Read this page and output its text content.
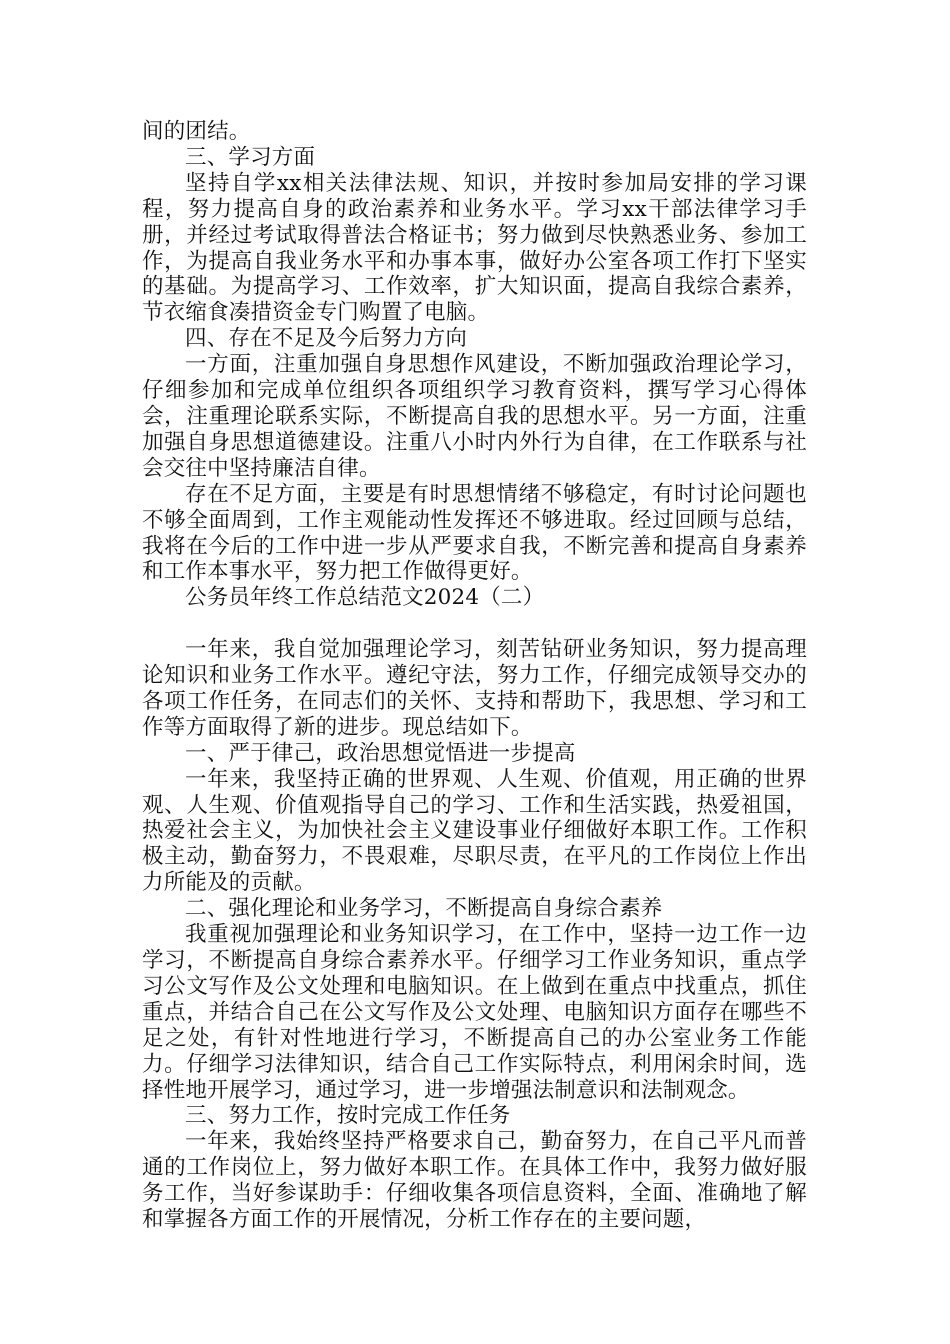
间的团结。

三、学习方面

坚持自学xx相关法律法规、知识，并按时参加局安排的学习课程，努力提高自身的政治素养和业务水平。学习xx干部法律学习手册，并经过考试取得普法合格证书；努力做到尽快熟悉业务、参加工作，为提高自我业务水平和办事本事，做好办公室各项工作打下坚实的基础。为提高学习、工作效率，扩大知识面，提高自我综合素养，节衣缩食凑措资金专门购置了电脑。

四、存在不足及今后努力方向

一方面，注重加强自身思想作风建设，不断加强政治理论学习，仔细参加和完成单位组织各项组织学习教育资料，撰写学习心得体会，注重理论联系实际，不断提高自我的思想水平。另一方面，注重加强自身思想道德建设。注重八小时内外行为自律，在工作联系与社会交往中坚持廉洁自律。

存在不足方面，主要是有时思想情绪不够稳定，有时讨论问题也不够全面周到，工作主观能动性发挥还不够进取。经过回顾与总结，我将在今后的工作中进一步从严要求自我，不断完善和提高自身素养和工作本事水平，努力把工作做得更好。

公务员年终工作总结范文2024（二）

一年来，我自觉加强理论学习，刻苦钻研业务知识，努力提高理论知识和业务工作水平。遵纪守法，努力工作，仔细完成领导交办的各项工作任务，在同志们的关怀、支持和帮助下，我思想、学习和工作等方面取得了新的进步。现总结如下。

一、严于律己，政治思想觉悟进一步提高

一年来，我坚持正确的世界观、人生观、价值观，用正确的世界观、人生观、价值观指导自己的学习、工作和生活实践，热爱祖国，热爱社会主义，为加快社会主义建设事业仔细做好本职工作。工作积极主动，勤奋努力，不畏艰难，尽职尽责，在平凡的工作岗位上作出力所能及的贡献。

二、强化理论和业务学习，不断提高自身综合素养

我重视加强理论和业务知识学习，在工作中，坚持一边工作一边学习，不断提高自身综合素养水平。仔细学习工作业务知识，重点学习公文写作及公文处理和电脑知识。在上做到在重点中找重点，抓住重点，并结合自己在公文写作及公文处理、电脑知识方面存在哪些不足之处，有针对性地进行学习，不断提高自己的办公室业务工作能力。仔细学习法律知识，结合自己工作实际特点，利用闲余时间，选择性地开展学习，通过学习，进一步增强法制意识和法制观念。

三、努力工作，按时完成工作任务

一年来，我始终坚持严格要求自己，勤奋努力，在自己平凡而普通的工作岗位上，努力做好本职工作。在具体工作中，我努力做好服务工作，当好参谋助手：仔细收集各项信息资料，全面、准确地了解和掌握各方面工作的开展情况，分析工作存在的主要问题，
